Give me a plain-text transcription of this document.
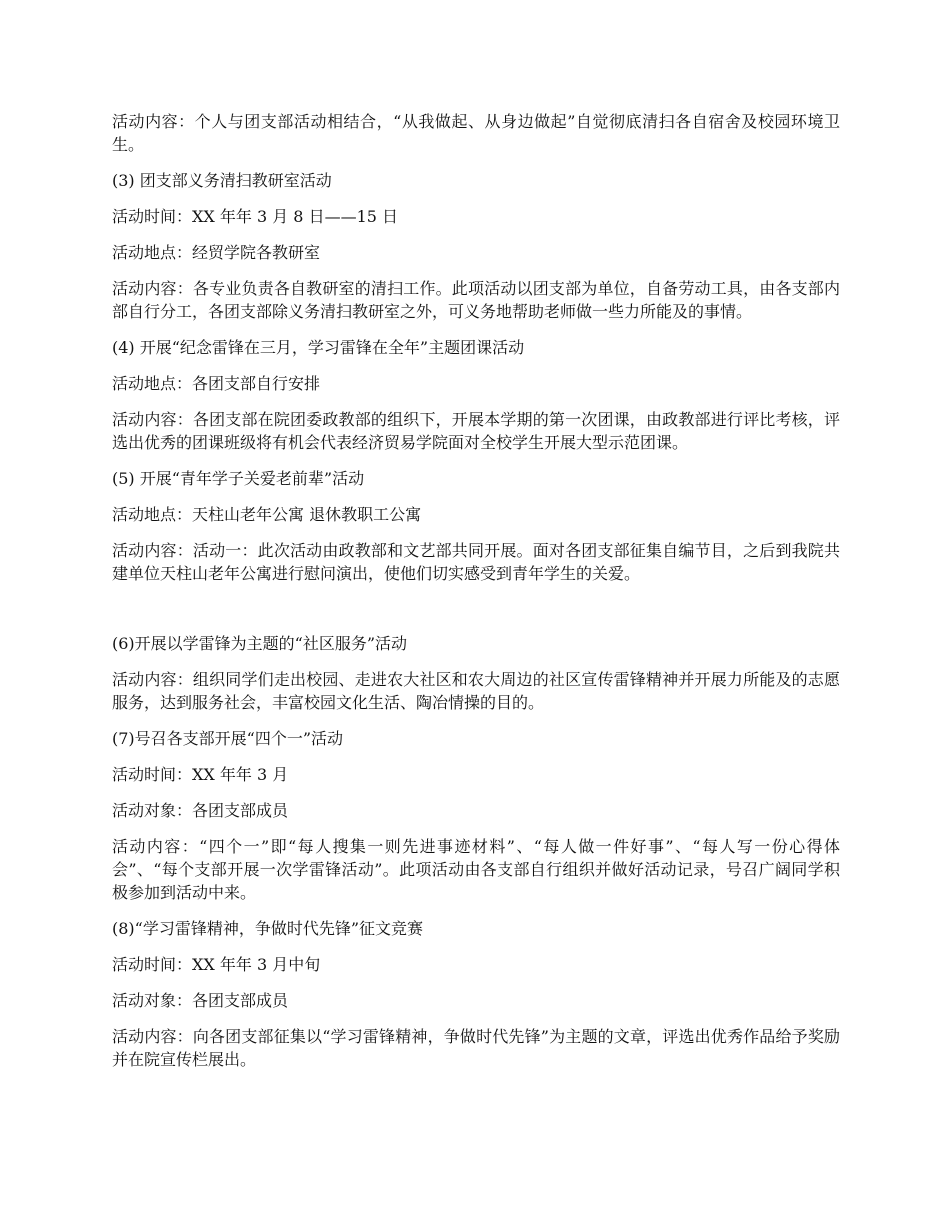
活动内容：个人与团支部活动相结合，“从我做起、从身边做起”自觉彻底清扫各自宿舍及校园环境卫生。

(3) 团支部义务清扫教研室活动

活动时间：XX 年年 3 月 8 日——15 日

活动地点：经贸学院各教研室

活动内容：各专业负责各自教研室的清扫工作。此项活动以团支部为单位，自备劳动工具，由各支部内部自行分工，各团支部除义务清扫教研室之外，可义务地帮助老师做一些力所能及的事情。

(4) 开展“纪念雷锋在三月，学习雷锋在全年”主题团课活动

活动地点：各团支部自行安排

活动内容：各团支部在院团委政教部的组织下，开展本学期的第一次团课，由政教部进行评比考核，评选出优秀的团课班级将有机会代表经济贸易学院面对全校学生开展大型示范团课。

(5) 开展“青年学子关爱老前辈”活动

活动地点：天柱山老年公寓 退休教职工公寓

活动内容：活动一：此次活动由政教部和文艺部共同开展。面对各团支部征集自编节目，之后到我院共建单位天柱山老年公寓进行慰问演出，使他们切实感受到青年学生的关爱。

(6)开展以学雷锋为主题的“社区服务”活动

活动内容：组织同学们走出校园、走进农大社区和农大周边的社区宣传雷锋精神并开展力所能及的志愿服务，达到服务社会，丰富校园文化生活、陶冶情操的目的。

(7)号召各支部开展“四个一”活动

活动时间：XX 年年 3 月

活动对象：各团支部成员

活动内容：“四个一”即“每人搜集一则先进事迹材料”、“每人做一件好事”、“每人写一份心得体会”、“每个支部开展一次学雷锋活动”。此项活动由各支部自行组织并做好活动记录，号召广阔同学积极参加到活动中来。

(8)“学习雷锋精神，争做时代先锋”征文竞赛

活动时间：XX 年年 3 月中旬

活动对象：各团支部成员

活动内容：向各团支部征集以“学习雷锋精神，争做时代先锋”为主题的文章，评选出优秀作品给予奖励并在院宣传栏展出。
